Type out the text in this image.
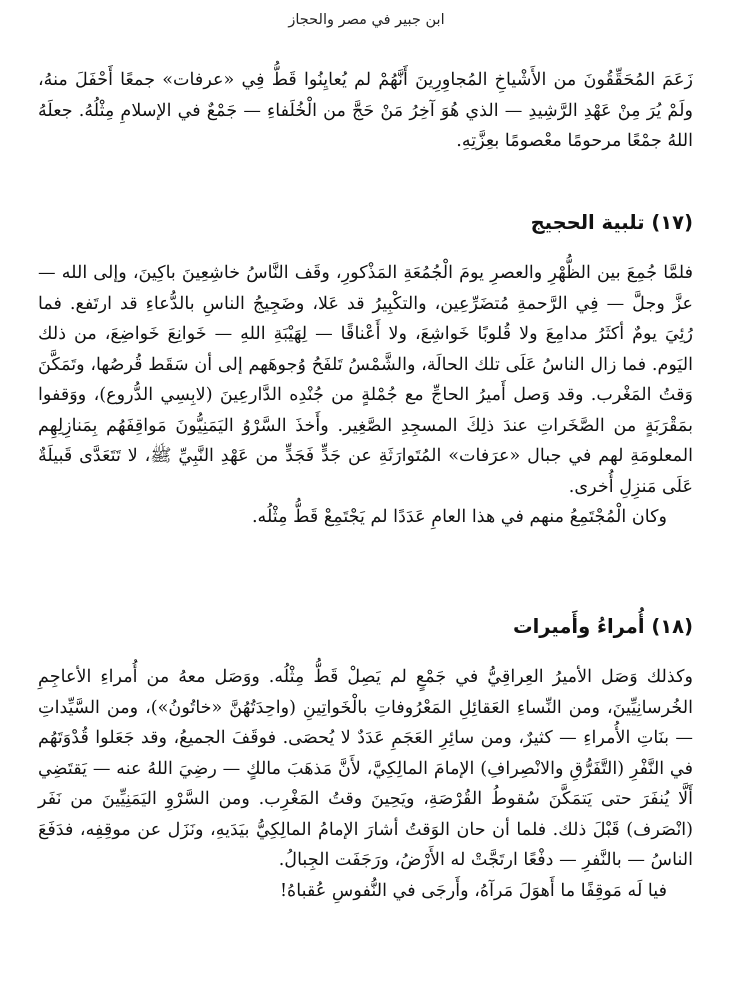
ابن جبير في مصر والحجاز

زَعَمَ المُحَقِّقُونَ من الأَشْياخِ المُجاوِرِينَ أَنَّهُمْ لم يُعايِنُوا قَطُّ فِي «عرفات» جمعًا أَحْفَلَ منهُ، ولَمْ يُرَ مِنْ عَهْدِ الرَّشِيدِ — الذي هُوَ آخِرُ مَنْ حَجَّ من الْخُلَفاءِ — جَمْعٌ في الإسلامِ مِثْلُهُ. جعلَهُ اللهُ جمْعًا مرحومًا معْصومًا بعِزَّتِهِ.

(١٧) تلبية الحجيج

فلمَّا جُمِعَ بين الظُّهْرِ والعصرِ يومَ الْجُمُعَةِ المَذْكورِ، وقَف النَّاسُ خاشِعِينَ باكِينَ، وإلى الله — عزَّ وجلَّ — فِي الرَّحمةِ مُتضَرِّعِين، والتكْبِيرُ قد عَلا، وضَجِيجُ الناسِ بالدُّعاءِ قد ارتَفع. فما رُئِيَ يومٌ أكثَرُ مدامِعَ ولا قُلوبًا خَواشِعَ، ولا أَعْناقًا — لِهَيْبَةِ اللهِ — خَوانِعَ خَواضِعَ، من ذلك اليَوم. فما زال الناسُ عَلَى تلك الحالَة، والشَّمْسُ تَلفَحُ وُجوهَهم إلى أن سَقَط قُرصُها، وتَمَكَّنَ وَقتُ المَغْرب. وقد وَصل أَميرُ الحاجِّ مع جُمْلةٍ من جُنْدِه الدَّارعِينَ (لابِسِي الدُّروع)، ووَقفوا بمَقْرَبَةٍ من الصَّخَراتِ عندَ ذلِكَ المسجِدِ الصَّغِير. وأَخذَ السَّرْوُ اليَمَنِيُّونَ مَواقِفَهُم بِمَنازِلِهِم المعلومَةِ لهم في جبال «عرَفات» المُتَوارَثَةِ عن جَدٍّ فَجَدٍّ من عَهْدِ النَّبِيِّ ﷺ، لا تَتَعَدَّى قَبيلَةٌ عَلَى مَنزِلِ أُخرى.

وكان الْمُجْتَمِعُ منهم في هذا العامِ عَدَدًا لم يَجْتَمِعْ قَطُّ مِثْلُه.

(١٨) أُمراءُ وأَميرات

وكذلك وَصَل الأميرُ العِراقِيُّ في جَمْعٍ لم يَصِلْ قَطُّ مِثْلُه. ووَصَل معهُ من أُمراءِ الأعاجِمِ الخُرسانِيِّينَ، ومن النِّساءِ العَقائِلِ المَعْرُوفاتِ بالْخَواتِينِ (واحِدَتُهُنَّ «خاتُونُ»)، ومن السَّيِّداتِ — بنَاتِ الأُمراءِ — كثيرٌ، ومن سائِرِ العَجَمِ عَدَدٌ لا يُحصَى. فوقَفَ الجميعُ، وقد جَعَلوا قُدْوَتَهُم في النَّفْرِ (التَّفَرُّقِ والانْصِرافِ) الإمامَ المالِكِيَّ، لأَنَّ مَذهَبَ مالكٍ — رضِيَ اللهُ عنه — يَقتَضِي أَلَّا يُنفَرَ حتى يَتمَكَّنَ سُقوطُ القُرْصَةِ، ويَحِينَ وقتُ المَغْرِب. ومن السَّرْوِ اليَمَنِيِّينَ من نَفَر (انْصَرف) قَبْلَ ذلك. فلما أن حان الوَقتُ أشارَ الإمامُ المالِكِيُّ بيَدَيهِ، ونَزَل عن موقِفِه، فدَفَعَ الناسُ — بالنَّفرِ — دفْعًا ارتَجَّتْ له الأَرْضُ، ورَجَفَت الجِبالُ.

فيا لَه مَوقِفًا ما أَهوَلَ مَرآهُ، وأَرجَى في النُّفوسِ عُقباهُ!
